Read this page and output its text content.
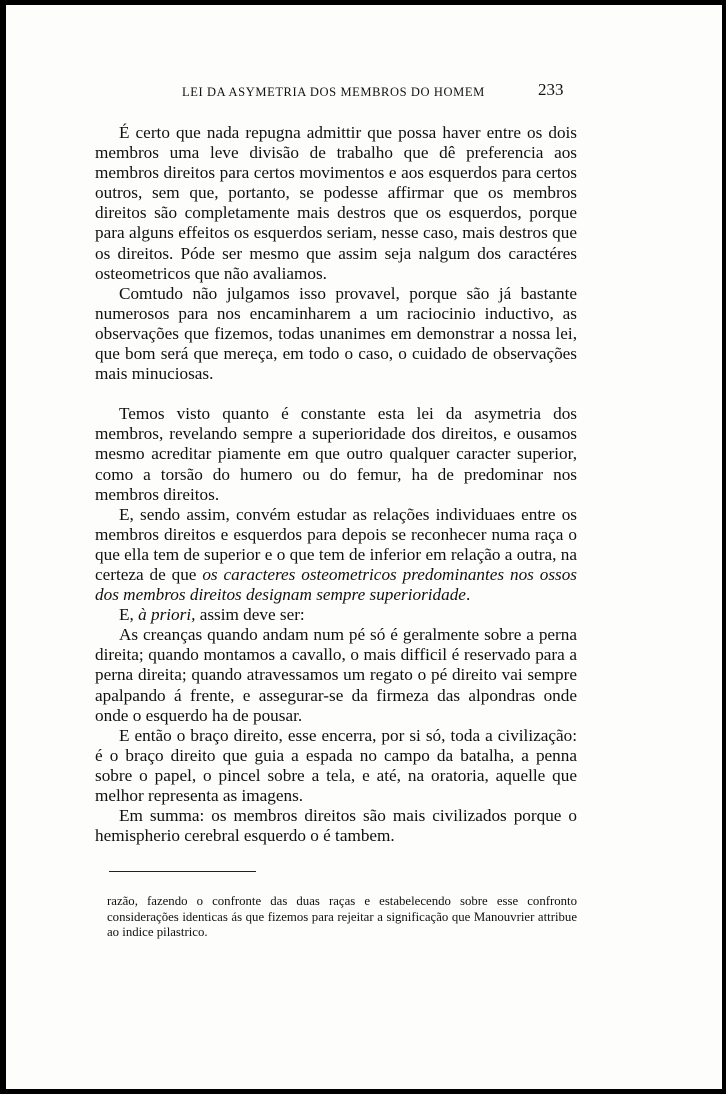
LEI DA ASYMETRIA DOS MEMBROS DO HOMEM	233

É certo que nada repugna admittir que possa haver entre os dois membros uma leve divisão de trabalho que dê preferencia aos membros direitos para certos movimentos e aos esquerdos para certos outros, sem que, portanto, se podesse affirmar que os membros direitos são completamente mais destros que os esquerdos, porque para alguns effeitos os esquerdos seriam, nesse caso, mais destros que os direitos. Póde ser mesmo que assim seja nalgum dos caractéres osteometricos que não avaliamos.

Comtudo não julgamos isso provavel, porque são já bastante numerosos para nos encaminharem a um raciocinio inductivo, as observações que fizemos, todas unanimes em demonstrar a nossa lei, que bom será que mereça, em todo o caso, o cuidado de observações mais minuciosas.

Temos visto quanto é constante esta lei da asymetria dos membros, revelando sempre a superioridade dos direitos, e ousamos mesmo acreditar piamente em que outro qualquer caracter superior, como a torsão do humero ou do femur, ha de predominar nos membros direitos.

E, sendo assim, convém estudar as relações individuaes entre os membros direitos e esquerdos para depois se reconhecer numa raça o que ella tem de superior e o que tem de inferior em relação a outra, na certeza de que os caracteres osteometricos predominantes nos ossos dos membros direitos designam sempre superioridade.

E, à priori, assim deve ser:

As creanças quando andam num pé só é geralmente sobre a perna direita; quando montamos a cavallo, o mais difficil é reservado para a perna direita; quando atravessamos um regato o pé direito vai sempre apalpando á frente, e assegurar-se da firmeza das alpondras onde onde o esquerdo ha de pousar.

E então o braço direito, esse encerra, por si só, toda a civilização: é o braço direito que guia a espada no campo da batalha, a penna sobre o papel, o pincel sobre a tela, e até, na oratoria, aquelle que melhor representa as imagens.

Em summa: os membros direitos são mais civilizados porque o hemispherio cerebral esquerdo o é tambem.

razão, fazendo o confronte das duas raças e estabelecendo sobre esse confronto considerações identicas ás que fizemos para rejeitar a significação que Manouvrier attribue ao indice pilastrico.
